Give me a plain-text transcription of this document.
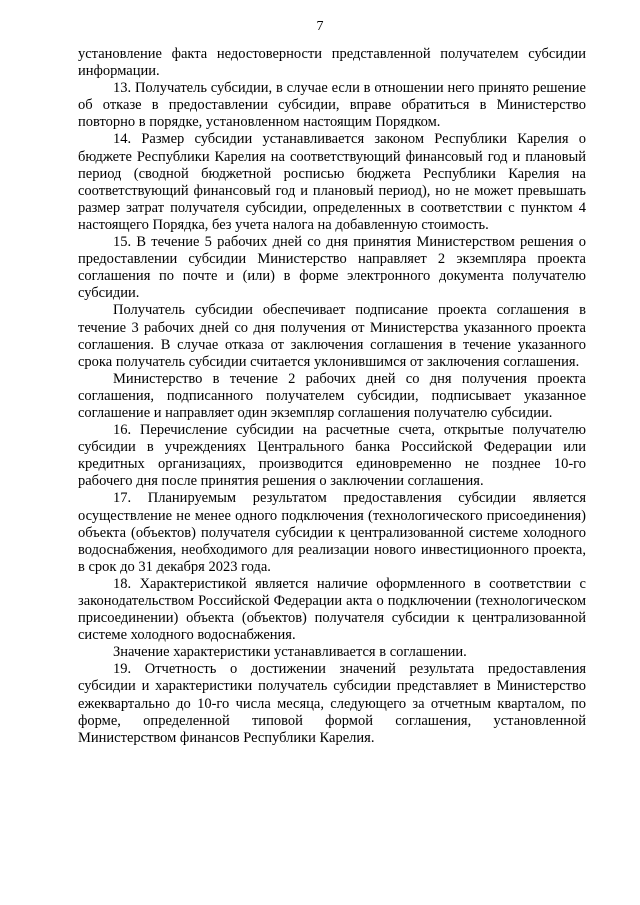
7

установление факта недостоверности представленной получателем субсидии информации.

13. Получатель субсидии, в случае если в отношении него принято решение об отказе в предоставлении субсидии, вправе обратиться в Министерство повторно в порядке, установленном настоящим Порядком.

14. Размер субсидии устанавливается законом Республики Карелия о бюджете Республики Карелия на соответствующий финансовый год и плановый период (сводной бюджетной росписью бюджета Республики Карелия на соответствующий финансовый год и плановый период), но не может превышать размер затрат получателя субсидии, определенных в соответствии с пунктом 4 настоящего Порядка, без учета налога на добавленную стоимость.

15. В течение 5 рабочих дней со дня принятия Министерством решения о предоставлении субсидии Министерство направляет 2 экземпляра проекта соглашения по почте и (или) в форме электронного документа получателю субсидии.

Получатель субсидии обеспечивает подписание проекта соглашения в течение 3 рабочих дней со дня получения от Министерства указанного проекта соглашения. В случае отказа от заключения соглашения в течение указанного срока получатель субсидии считается уклонившимся от заключения соглашения.

Министерство в течение 2 рабочих дней со дня получения проекта соглашения, подписанного получателем субсидии, подписывает указанное соглашение и направляет один экземпляр соглашения получателю субсидии.

16. Перечисление субсидии на расчетные счета, открытые получателю субсидии в учреждениях Центрального банка Российской Федерации или кредитных организациях, производится единовременно не позднее 10-го рабочего дня после принятия решения о заключении соглашения.

17. Планируемым результатом предоставления субсидии является осуществление не менее одного подключения (технологического присоединения) объекта (объектов) получателя субсидии к централизованной системе холодного водоснабжения, необходимого для реализации нового инвестиционного проекта, в срок до 31 декабря 2023 года.

18. Характеристикой является наличие оформленного в соответствии с законодательством Российской Федерации акта о подключении (технологическом присоединении) объекта (объектов) получателя субсидии к централизованной системе холодного водоснабжения.

Значение характеристики устанавливается в соглашении.

19. Отчетность о достижении значений результата предоставления субсидии и характеристики получатель субсидии представляет в Министерство ежеквартально до 10-го числа месяца, следующего за отчетным кварталом, по форме, определенной типовой формой соглашения, установленной Министерством финансов Республики Карелия.
